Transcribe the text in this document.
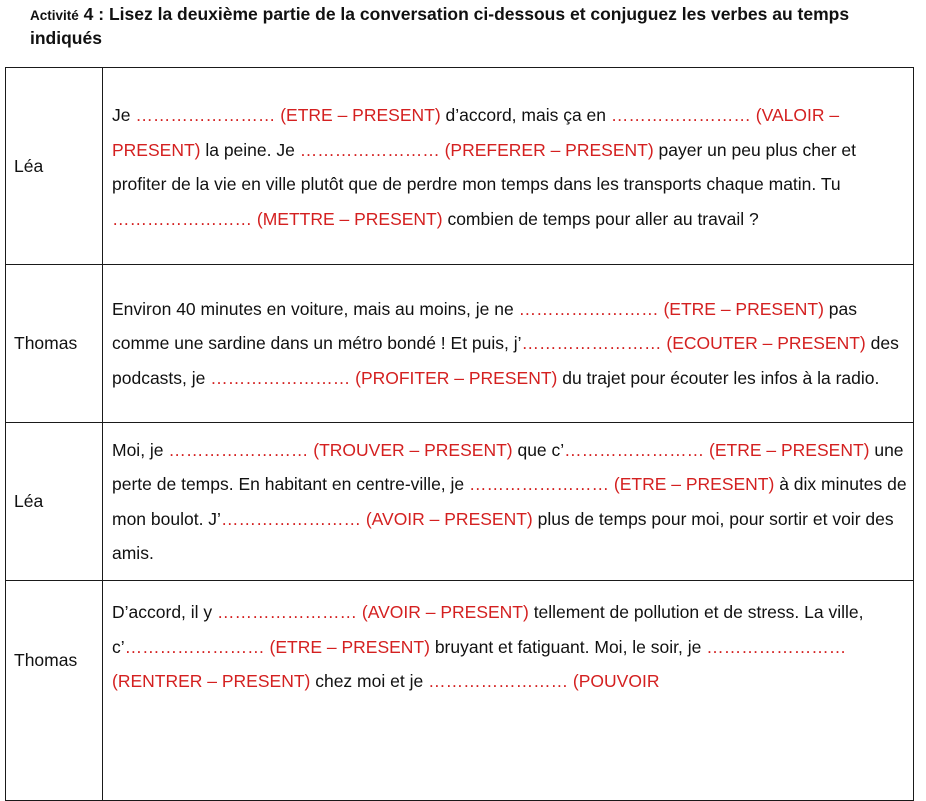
Activité 4 : Lisez la deuxième partie de la conversation ci-dessous et conjuguez les verbes au temps indiqués
Léa	Je …………………… (ETRE – PRESENT) d’accord, mais ça en …………………… (VALOIR – PRESENT) la peine. Je …………………… (PREFERER – PRESENT) payer un peu plus cher et profiter de la vie en ville plutôt que de perdre mon temps dans les transports chaque matin. Tu …………………… (METTRE – PRESENT) combien de temps pour aller au travail ?
Thomas	Environ 40 minutes en voiture, mais au moins, je ne …………………… (ETRE – PRESENT) pas comme une sardine dans un métro bondé ! Et puis, j’…………………… (ECOUTER – PRESENT) des podcasts, je …………………… (PROFITER – PRESENT) du trajet pour écouter les infos à la radio.
Léa	Moi, je …………………… (TROUVER – PRESENT) que c’…………………… (ETRE – PRESENT) une perte de temps. En habitant en centre-ville, je …………………… (ETRE – PRESENT) à dix minutes de mon boulot. J’…………………… (AVOIR – PRESENT) plus de temps pour moi, pour sortir et voir des amis.
Thomas	D’accord, il y …………………… (AVOIR – PRESENT) tellement de pollution et de stress. La ville, c’…………………… (ETRE – PRESENT) bruyant et fatiguant. Moi, le soir, je …………………… (RENTRER – PRESENT) chez moi et je …………………… (POUVOIR
